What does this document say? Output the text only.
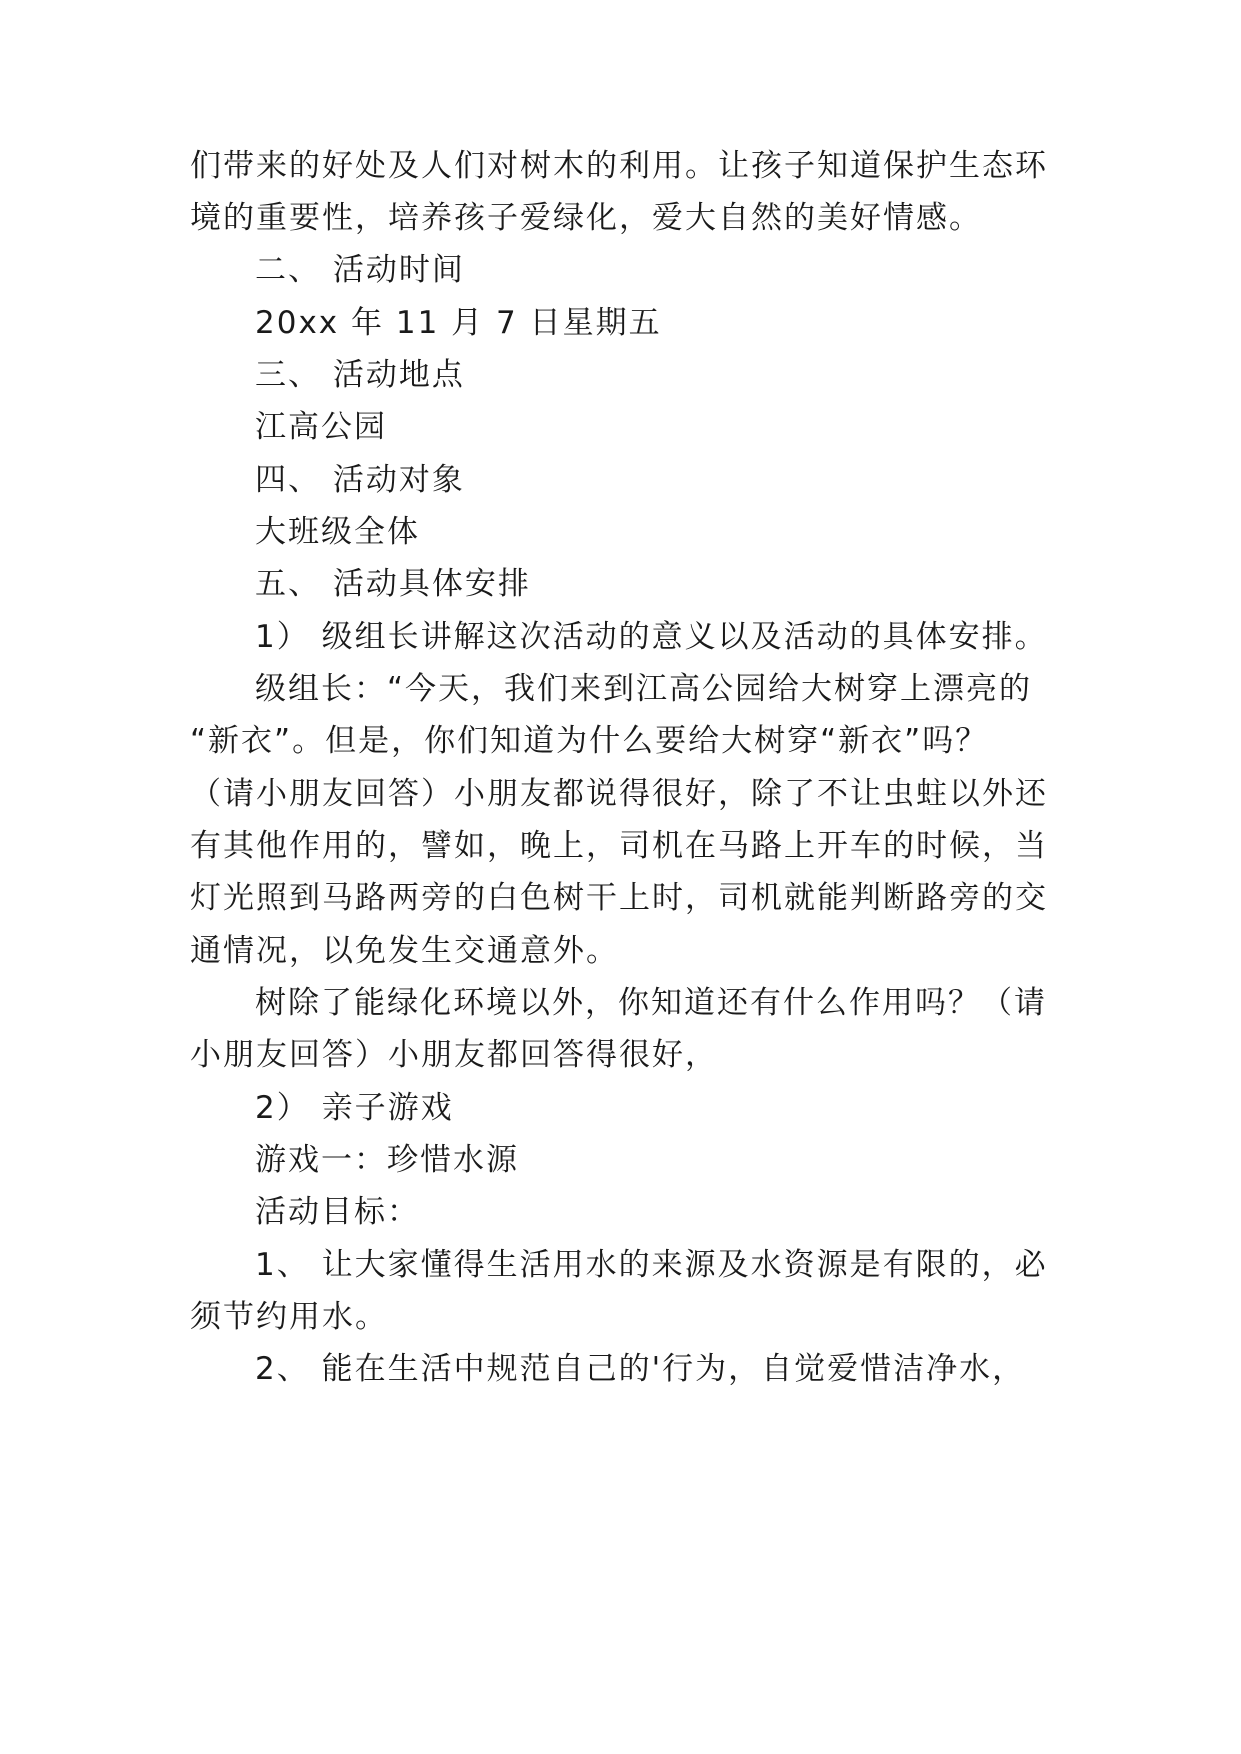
们带来的好处及人们对树木的利用。让孩子知道保护生态环
境的重要性，培养孩子爱绿化，爱大自然的美好情感。
二、 活动时间
20xx 年 11 月 7 日星期五
三、 活动地点
江高公园
四、 活动对象
大班级全体
五、 活动具体安排
1） 级组长讲解这次活动的意义以及活动的具体安排。
级组长：“今天，我们来到江高公园给大树穿上漂亮的
“新衣”。但是，你们知道为什么要给大树穿“新衣”吗？
（请小朋友回答）小朋友都说得很好，除了不让虫蛀以外还
有其他作用的，譬如，晚上，司机在马路上开车的时候，当
灯光照到马路两旁的白色树干上时，司机就能判断路旁的交
通情况，以免发生交通意外。
树除了能绿化环境以外，你知道还有什么作用吗？（请
小朋友回答）小朋友都回答得很好，
2） 亲子游戏
游戏一：珍惜水源
活动目标：
1、 让大家懂得生活用水的来源及水资源是有限的，必
须节约用水。
2、 能在生活中规范自己的'行为，自觉爱惜洁净水，
